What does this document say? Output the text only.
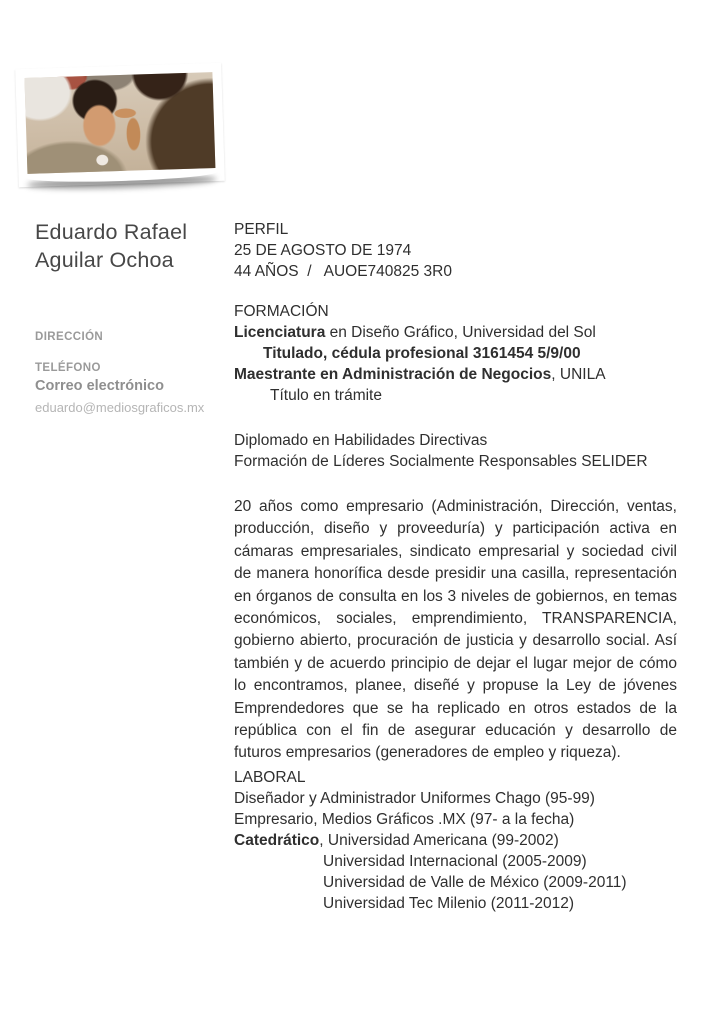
Eduardo Rafael
Aguilar Ochoa
DIRECCIÓN
TELÉFONO
Correo electrónico
eduardo@mediosgraficos.mx
PERFIL
25 DE AGOSTO DE 1974
44 AÑOS  /   AUOE740825 3R0
FORMACIÓN
Licenciatura en Diseño Gráfico, Universidad del Sol
Titulado, cédula profesional 3161454 5/9/00
Maestrante en Administración de Negocios, UNILA
Título en trámite
Diplomado en Habilidades Directivas
Formación de Líderes Socialmente Responsables SELIDER

20 años como empresario (Administración, Dirección, ventas, producción, diseño y proveeduría) y participación activa en cámaras empresariales, sindicato empresarial y sociedad civil de manera honorífica desde presidir una casilla, representación en órganos de consulta en los 3 niveles de gobiernos, en temas económicos, sociales, emprendimiento, TRANSPARENCIA, gobierno abierto, procuración de justicia y desarrollo social. Así también y de acuerdo principio de dejar el lugar mejor de cómo lo encontramos, planee, diseñé y propuse la Ley de jóvenes Emprendedores que se ha replicado en otros estados de la república con el fin de asegurar educación y desarrollo de futuros empresarios (generadores de empleo y riqueza).

LABORAL
Diseñador y Administrador Uniformes Chago (95-99)
Empresario, Medios Gráficos .MX (97- a la fecha)
Catedrático, Universidad Americana (99-2002)
Universidad Internacional (2005-2009)
Universidad de Valle de México (2009-2011)
Universidad Tec Milenio (2011-2012)
